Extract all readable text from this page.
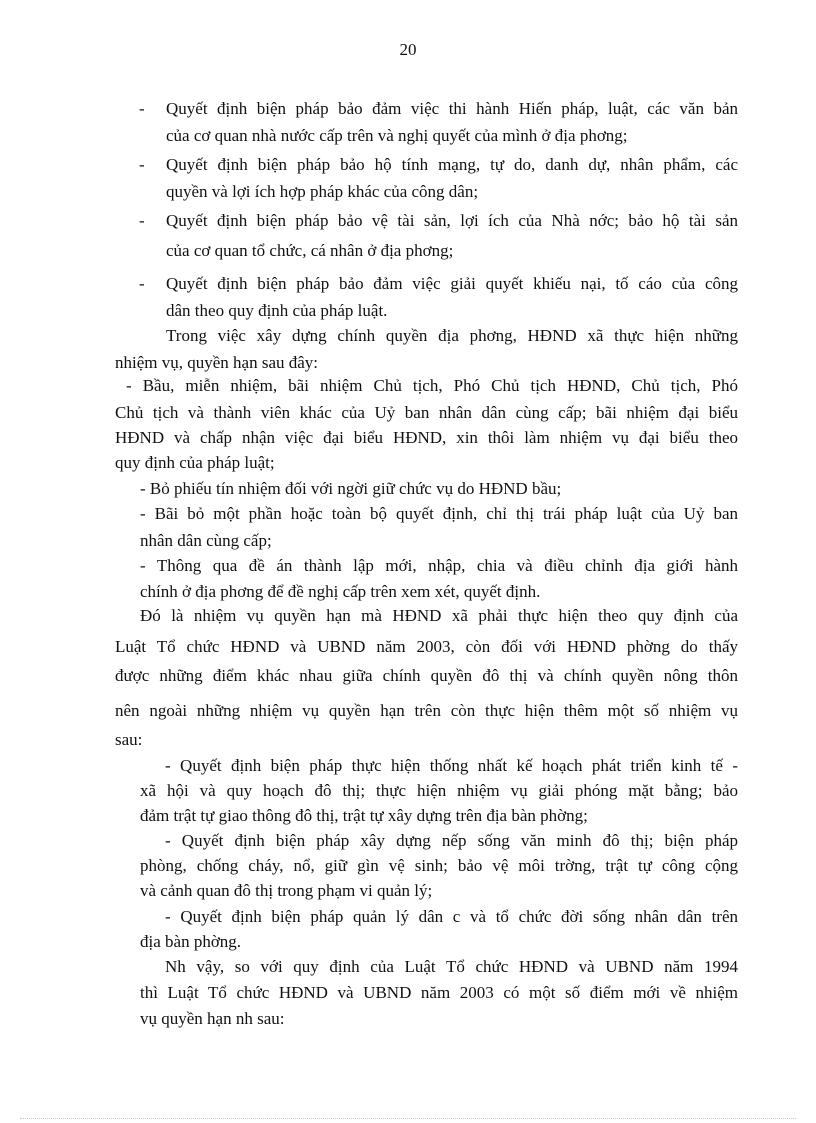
20
- Quyết định biện pháp bảo đảm việc thi hành Hiến pháp, luật, các văn bản
của cơ quan nhà nước cấp trên và nghị quyết của mình ở địa phơng;
- Quyết định biện pháp bảo hộ tính mạng, tự do, danh dự, nhân phẩm, các
quyền và lợi ích hợp pháp khác của công dân;
- Quyết định biện pháp bảo vệ tài sản, lợi ích của Nhà nớc; bảo hộ tài sản
của cơ quan tổ chức, cá nhân ở địa phơng;
- Quyết định biện pháp bảo đảm việc giải quyết khiếu nại, tố cáo của công
dân theo quy định của pháp luật.
Trong việc xây dựng chính quyền địa phơng, HĐND xã thực hiện những
nhiệm vụ, quyền hạn sau đây:
- Bầu, miễn nhiệm, bãi nhiệm Chủ tịch, Phó Chủ tịch HĐND, Chủ tịch, Phó
Chủ tịch và thành viên khác của Uỷ ban nhân dân cùng cấp; bãi nhiệm đại biểu
HĐND và chấp nhận việc đại biểu HĐND, xin thôi làm nhiệm vụ đại biểu theo
quy định của pháp luật;
- Bỏ phiếu tín nhiệm đối với ngời giữ chức vụ do HĐND bầu;
- Bãi bỏ một phần hoặc toàn bộ quyết định, chỉ thị trái pháp luật của Uỷ ban
nhân dân cùng cấp;
- Thông qua đề án thành lập mới, nhập, chia và điều chỉnh địa giới hành
chính ở địa phơng để đề nghị cấp trên xem xét, quyết định.
Đó là nhiệm vụ quyền hạn mà HĐND xã phải thực hiện theo quy định của
Luật Tổ chức HĐND và UBND năm 2003, còn đối với HĐND phờng do thấy
được những điểm khác nhau giữa chính quyền đô thị và chính quyền nông thôn
nên ngoài những nhiệm vụ quyền hạn trên còn thực hiện thêm một số nhiệm vụ
sau:
- Quyết định biện pháp thực hiện thống nhất kế hoạch phát triển kinh tế -
xã hội và quy hoạch đô thị; thực hiện nhiệm vụ giải phóng mặt bằng; bảo
đảm trật tự giao thông đô thị, trật tự xây dựng trên địa bàn phờng;
- Quyết định biện pháp xây dựng nếp sống văn minh đô thị; biện pháp
phòng, chống cháy, nổ, giữ gìn vệ sinh; bảo vệ môi trờng, trật tự công cộng
và cảnh quan đô thị trong phạm vi quản lý;
- Quyết định biện pháp quản lý dân c và tổ chức đời sống nhân dân trên
địa bàn phờng.
Nh vậy, so với quy định của Luật Tổ chức HĐND và UBND năm 1994
thì Luật Tổ chức HĐND và UBND năm 2003 có một số điểm mới về nhiệm
vụ quyền hạn nh sau:
